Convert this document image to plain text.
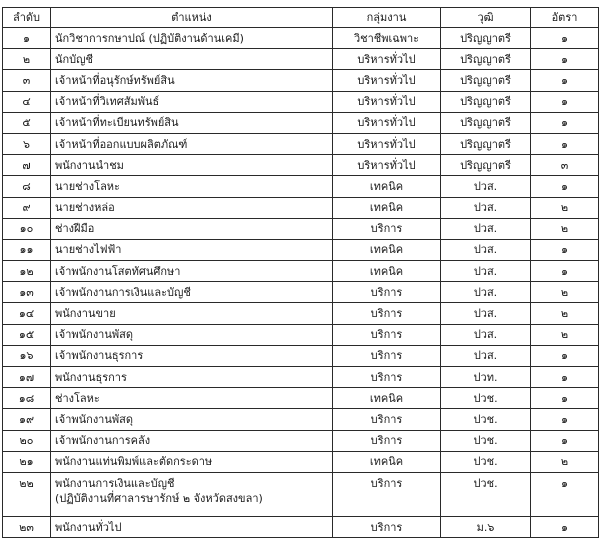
ลำดับ	ตำแหน่ง	กลุ่มงาน	วุฒิ	อัตรา
๑	นักวิชาการกษาปณ์ (ปฏิบัติงานด้านเคมี)	วิชาชีพเฉพาะ	ปริญญาตรี	๑
๒	นักบัญชี	บริหารทั่วไป	ปริญญาตรี	๑
๓	เจ้าหน้าที่อนุรักษ์ทรัพย์สิน	บริหารทั่วไป	ปริญญาตรี	๑
๔	เจ้าหน้าที่วิเทศสัมพันธ์	บริหารทั่วไป	ปริญญาตรี	๑
๕	เจ้าหน้าที่ทะเบียนทรัพย์สิน	บริหารทั่วไป	ปริญญาตรี	๑
๖	เจ้าหน้าที่ออกแบบผลิตภัณฑ์	บริหารทั่วไป	ปริญญาตรี	๑
๗	พนักงานนำชม	บริหารทั่วไป	ปริญญาตรี	๓
๘	นายช่างโลหะ	เทคนิค	ปวส.	๑
๙	นายช่างหล่อ	เทคนิค	ปวส.	๒
๑๐	ช่างฝีมือ	บริการ	ปวส.	๒
๑๑	นายช่างไฟฟ้า	เทคนิค	ปวส.	๑
๑๒	เจ้าพนักงานโสตทัศนศึกษา	เทคนิค	ปวส.	๑
๑๓	เจ้าพนักงานการเงินและบัญชี	บริการ	ปวส.	๒
๑๔	พนักงานขาย	บริการ	ปวส.	๒
๑๕	เจ้าพนักงานพัสดุ	บริการ	ปวส.	๒
๑๖	เจ้าพนักงานธุรการ	บริการ	ปวส.	๑
๑๗	พนักงานธุรการ	บริการ	ปวท.	๑
๑๘	ช่างโลหะ	เทคนิค	ปวช.	๑
๑๙	เจ้าพนักงานพัสดุ	บริการ	ปวช.	๑
๒๐	เจ้าพนักงานการคลัง	บริการ	ปวช.	๑
๒๑	พนักงานแท่นพิมพ์และตัดกระดาษ	เทคนิค	ปวช.	๒
๒๒	พนักงานการเงินและบัญชี
(ปฏิบัติงานที่ศาลารษารักษ์ ๒ จังหวัดสงขลา)	บริการ	ปวช.	๑
๒๓	พนักงานทั่วไป	บริการ	ม.๖	๑
